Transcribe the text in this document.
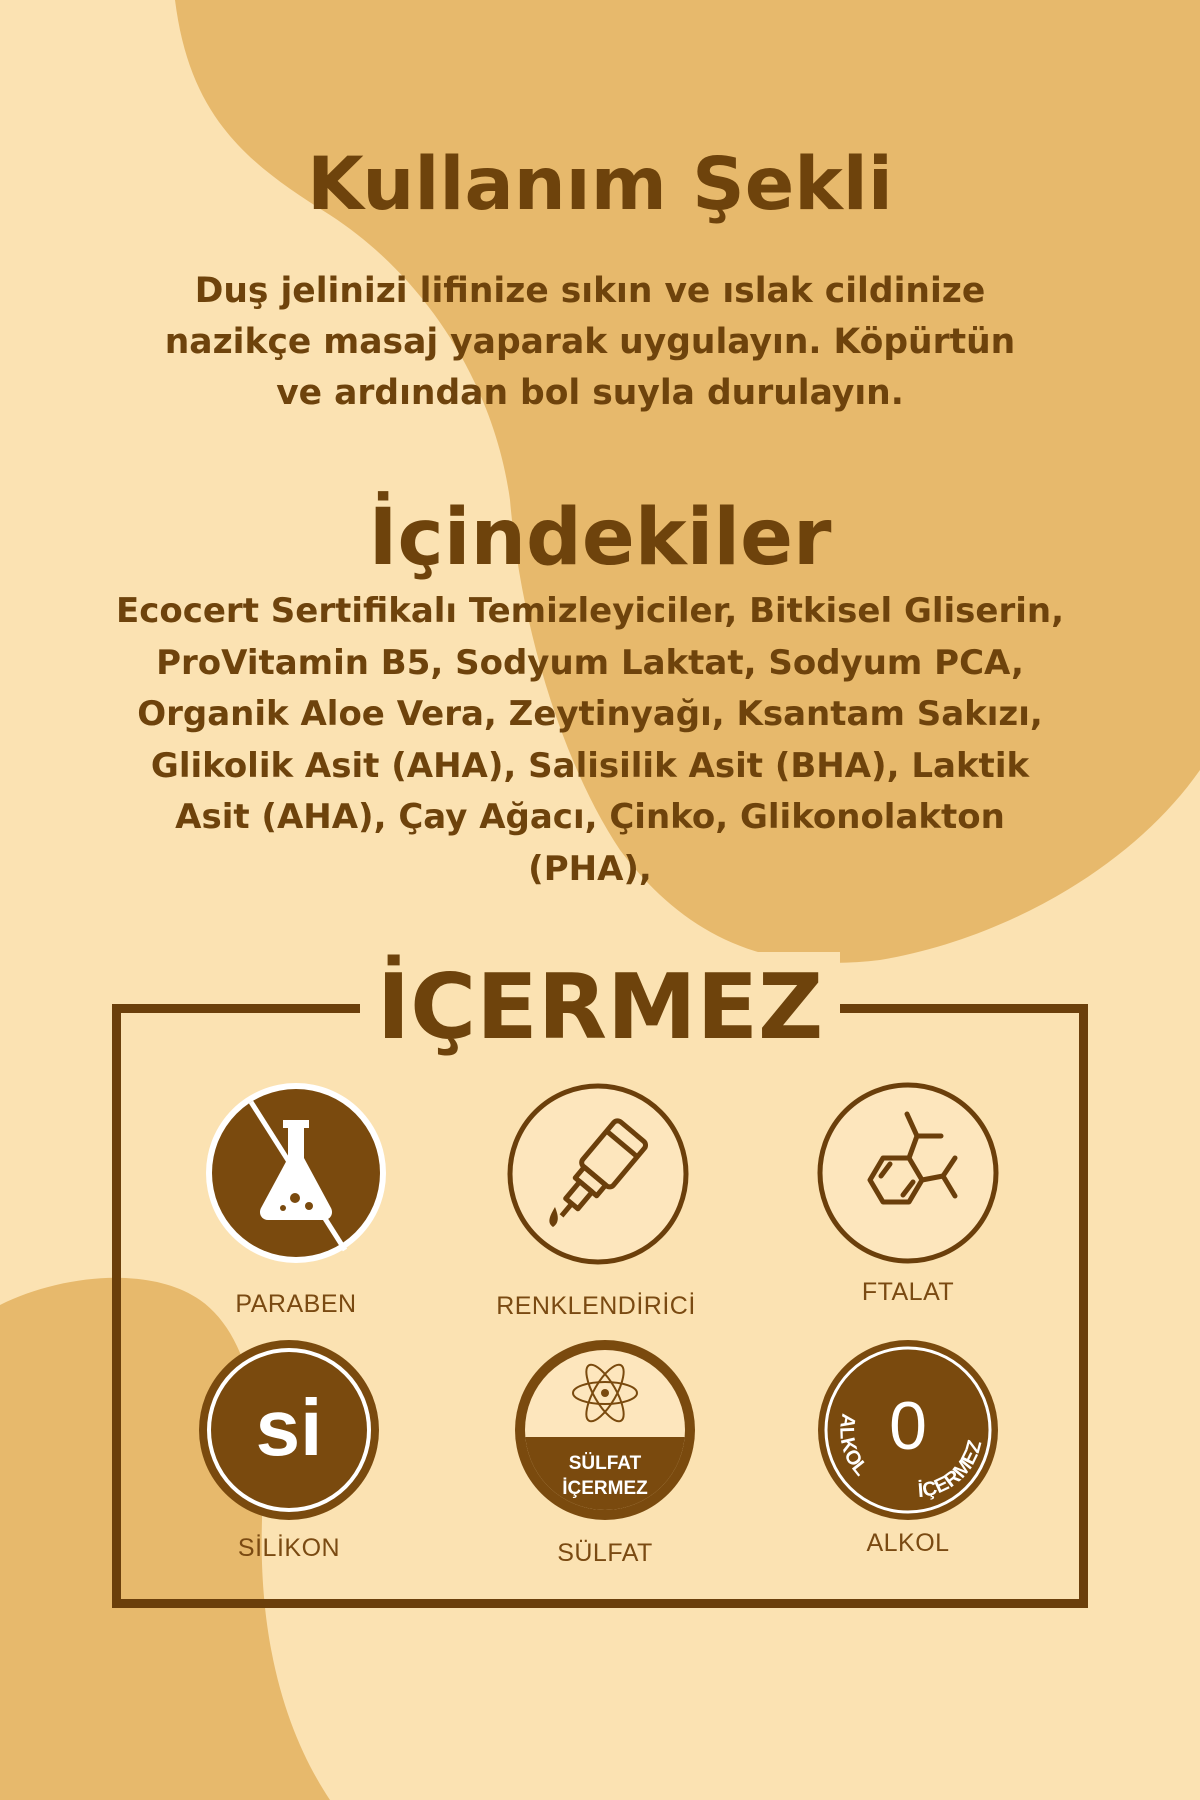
Kullanım Şekli
Duş jelinizi lifinize sıkın ve ıslak cildinize nazikçe masaj yaparak uygulayın. Köpürtün ve ardından bol suyla durulayın.
İçindekiler
Ecocert Sertifikalı Temizleyiciler, Bitkisel Gliserin, ProVitamin B5, Sodyum Laktat, Sodyum PCA, Organik Aloe Vera, Zeytinyağı, Ksantam Sakızı, Glikolik Asit (AHA), Salisilik Asit (BHA), Laktik Asit (AHA), Çay Ağacı, Çinko, Glikonolakton (PHA),
İÇERMEZ
PARABEN	RENKLENDİRİCİ	FTALAT
si
SİLİKON
SÜLFAT
İÇERMEZ
SÜLFAT
0
ALKOL
İÇERMEZ
ALKOL
